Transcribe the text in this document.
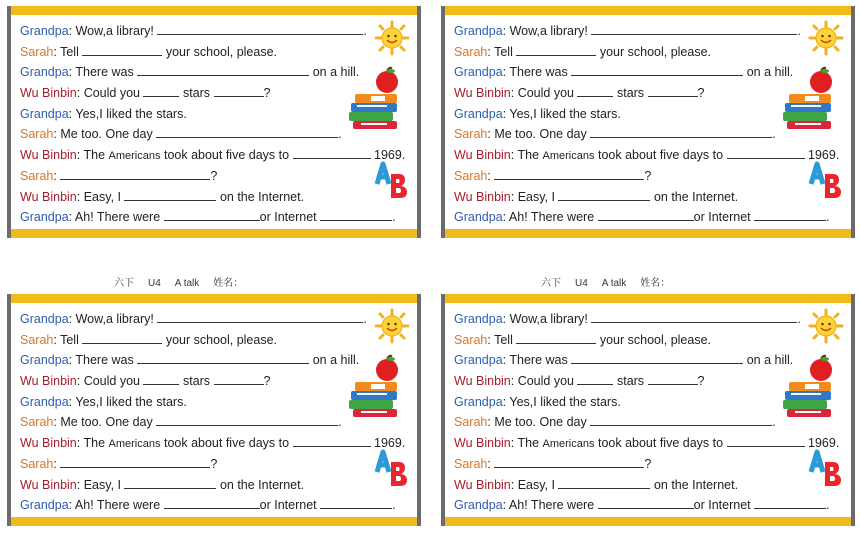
Grandpa: Wow,a library!	.
Sarah: Tell	your school, please.
Grandpa: There was	on a hill.
Wu Binbin: Could you	stars	?
Grandpa: Yes,I liked the stars.
Sarah: Me too. One day	.
Wu Binbin: The Americans took about five days to	1969.
Sarah:	?
Wu Binbin: Easy, I	on the Internet.
Grandpa: Ah! There were	or Internet	.
Grandpa: Wow,a library!	.
Sarah: Tell	your school, please.
Grandpa: There was	on a hill.
Wu Binbin: Could you	stars	?
Grandpa: Yes,I liked the stars.
Sarah: Me too. One day	.
Wu Binbin: The Americans took about five days to	1969.
Sarah:	?
Wu Binbin: Easy, I	on the Internet.
Grandpa: Ah! There were	or Internet	.
Grandpa: Wow,a library!	.
Sarah: Tell	your school, please.
Grandpa: There was	on a hill.
Wu Binbin: Could you	stars	?
Grandpa: Yes,I liked the stars.
Sarah: Me too. One day	.
Wu Binbin: The Americans took about five days to	1969.
Sarah:	?
Wu Binbin: Easy, I	on the Internet.
Grandpa: Ah! There were	or Internet	.
Grandpa: Wow,a library!	.
Sarah: Tell	your school, please.
Grandpa: There was	on a hill.
Wu Binbin: Could you	stars	?
Grandpa: Yes,I liked the stars.
Sarah: Me too. One day	.
Wu Binbin: The Americans took about five days to	1969.
Sarah:	?
Wu Binbin: Easy, I	on the Internet.
Grandpa: Ah! There were	or Internet	.
六下 U4 A talk 姓名：	六下 U4 A talk 姓名：
